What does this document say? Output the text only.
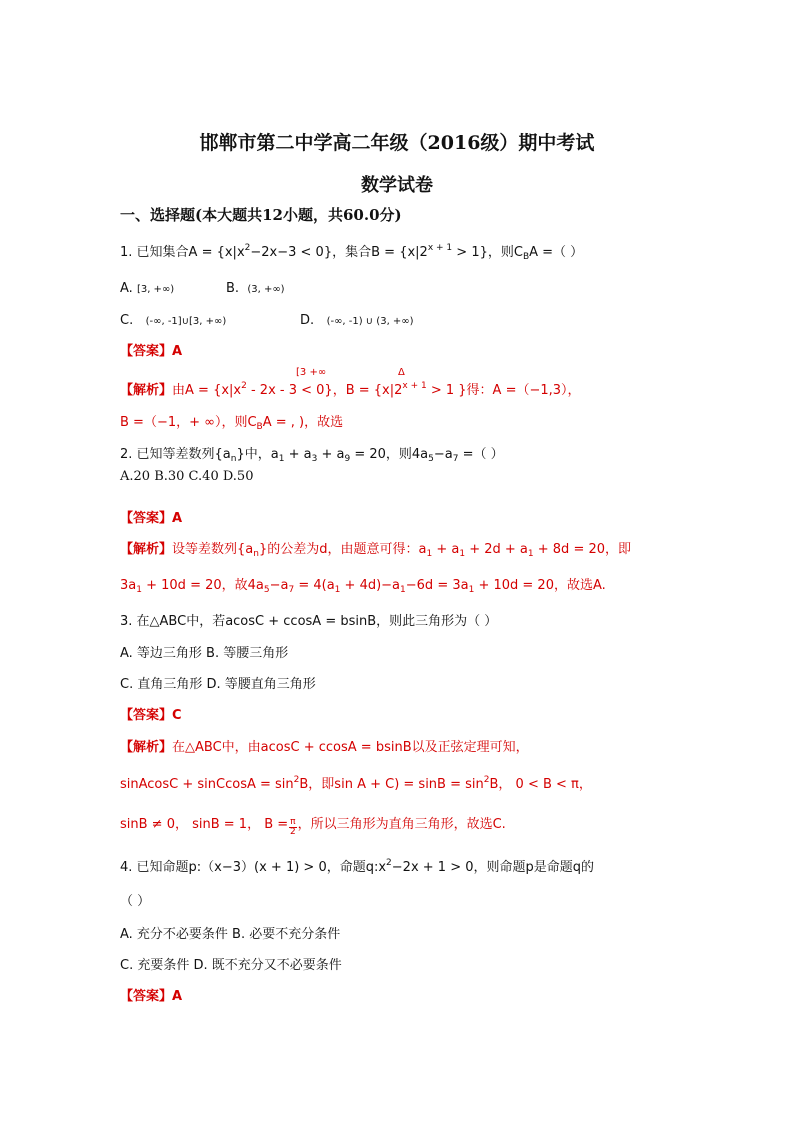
邯郸市第二中学高二年级（2016级）期中考试
数学试卷
一、选择题(本大题共12小题，共60.0分)
1. 已知集合$A = \{x|x^2-2x-3 < 0\}$，集合$B = \{x|2^{x + 1} > 1\}$，则$C_BA$ =（ ）
A. [3, +∞)	B. (3, +∞)
C. (-∞, -1]∪[3, +∞)	D. (-∞, -1) ∪ (3, +∞)
【答案】A
[3 +∞	Δ
【解析】由$A = \{x|x^2 - 2x - 3 < 0\}$，$B = \{x|2^{x + 1} > 1$ }得：A =（−1,3），
B =（−1，+ ∞），则$C_BA$ = , )，故选
2. 已知等差数列$\{a_n\}$中，$a_1 + a_3 + a_9 = 20$，则$4a_5-a_7$ =（ ）
A.20 B.30 C.40 D.50
【答案】A
【解析】设等差数列$\{a_n\}$的公差为d，由题意可得：$a_1 + a_1 + 2d + a_1 + 8d = 20$，即
$3a_1 + 10d = 20$，故$4a_5-a_7 = 4(a_1 + 4d)-a_1-6d = 3a_1 + 10d = 20$，故选A.
3. 在△ABC中，若acosC + ccosA = bsinB，则此三角形为（ ）
A. 等边三角形 B. 等腰三角形
C. 直角三角形 D. 等腰直角三角形
【答案】C
【解析】在△ABC中，由acosC + ccosA = bsinB以及正弦定理可知，
sinAcosC + sinCcosA = $\sin^2B$，即$\sin A + C) = \sin B = \sin^2B$， 0 < B < π，
sinB ≠ 0， sinB = 1， $B = \frac{\pi}{2}$ ，所以三角形为直角三角形，故选C.
4. 已知命题p:（x−3）(x + 1) > 0，命题$q:x^2-2x + 1 > 0$，则命题p是命题q的
（ ）
A. 充分不必要条件 B. 必要不充分条件
C. 充要条件 D. 既不充分又不必要条件
【答案】A
